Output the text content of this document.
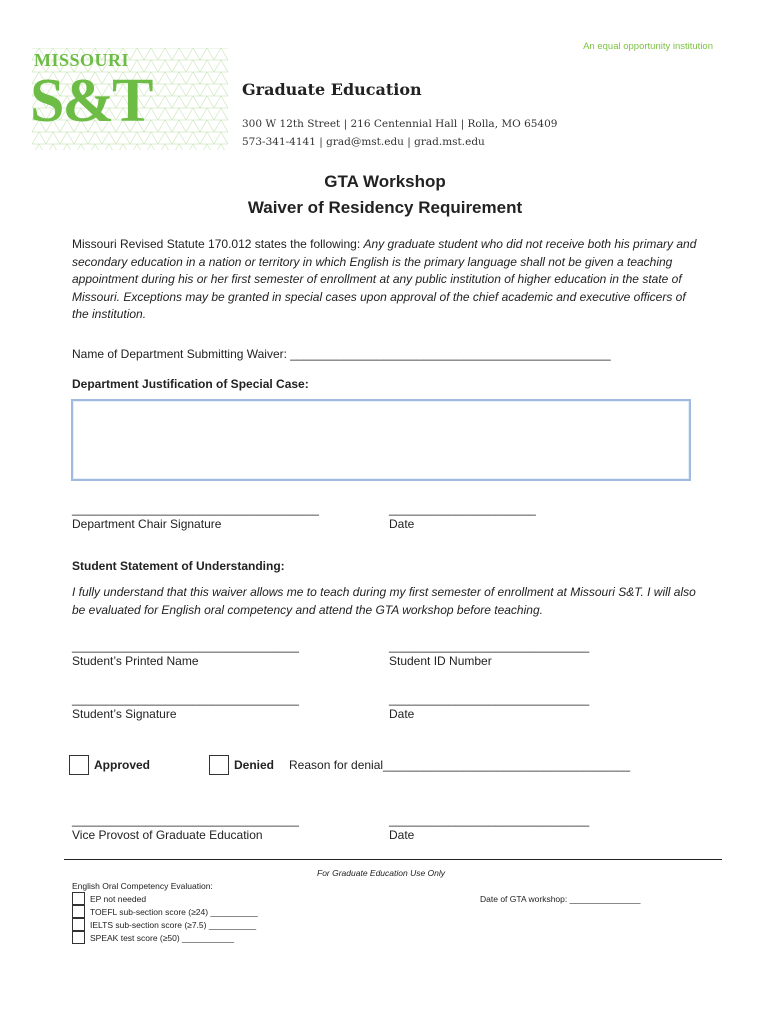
An equal opportunity institution
MISSOURI
S&T	Graduate Education
300 W 12th Street | 216 Centennial Hall | Rolla, MO 65409
573-341-4141 | grad@mst.edu | grad.mst.edu
GTA Workshop
Waiver of Residency Requirement
Missouri Revised Statute 170.012 states the following: Any graduate student who did not receive both his primary and secondary education in a nation or territory in which English is the primary language shall not be given a teaching appointment during his or her first semester of enrollment at any public institution of higher education in the state of Missouri. Exceptions may be granted in special cases upon approval of the chief academic and executive officers of the institution.
Name of Department Submitting Waiver: ________________________________________________
Department Justification of Special Case:
_____________________________________
Department Chair Signature
______________________
Date
Student Statement of Understanding:
I fully understand that this waiver allows me to teach during my first semester of enrollment at Missouri S&T. I will also be evaluated for English oral competency and attend the GTA workshop before teaching.
__________________________________
Student’s Printed Name
______________________________
Student ID Number
__________________________________
Student’s Signature
______________________________
Date
Approved	Denied Reason for denial_____________________________________
__________________________________
Vice Provost of Graduate Education
______________________________
Date
For Graduate Education Use Only
English Oral Competency Evaluation:
EP not needed
TOEFL sub-section score (≥24) __________
IELTS sub-section score (≥7.5) __________
SPEAK test score (≥50) ___________
Date of GTA workshop: _______________
